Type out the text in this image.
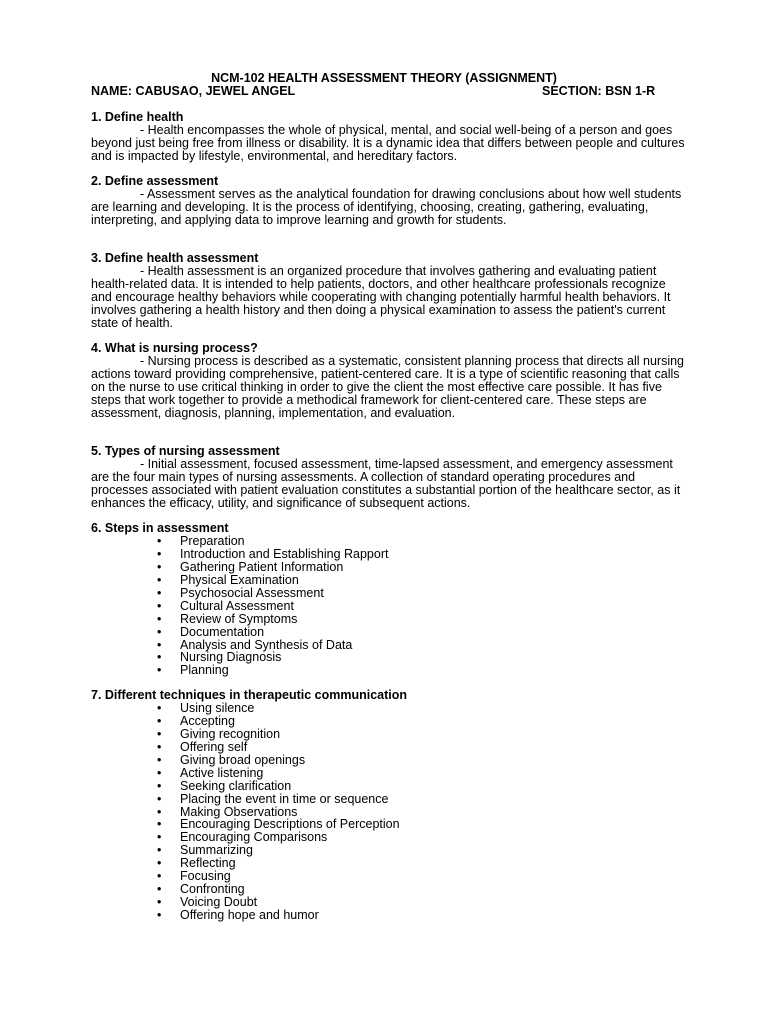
NCM-102 HEALTH ASSESSMENT THEORY (ASSIGNMENT)
NAME: CABUSAO, JEWEL ANGEL	SECTION: BSN 1-R
1. Define health

- Health encompasses the whole of physical, mental, and social well-being of a person and goes beyond just being free from illness or disability. It is a dynamic idea that differs between people and cultures and is impacted by lifestyle, environmental, and hereditary factors.

2. Define assessment

- Assessment serves as the analytical foundation for drawing conclusions about how well students are learning and developing. It is the process of identifying, choosing, creating, gathering, evaluating, interpreting, and applying data to improve learning and growth for students.

3. Define health assessment

- Health assessment is an organized procedure that involves gathering and evaluating patient health-related data. It is intended to help patients, doctors, and other healthcare professionals recognize and encourage healthy behaviors while cooperating with changing potentially harmful health behaviors. It involves gathering a health history and then doing a physical examination to assess the patient's current state of health.

4. What is nursing process?

- Nursing process is described as a systematic, consistent planning process that directs all nursing actions toward providing comprehensive, patient-centered care. It is a type of scientific reasoning that calls on the nurse to use critical thinking in order to give the client the most effective care possible. It has five steps that work together to provide a methodical framework for client-centered care. These steps are assessment, diagnosis, planning, implementation, and evaluation.

5. Types of nursing assessment

- Initial assessment, focused assessment, time-lapsed assessment, and emergency assessment are the four main types of nursing assessments. A collection of standard operating procedures and processes associated with patient evaluation constitutes a substantial portion of the healthcare sector, as it enhances the efficacy, utility, and significance of subsequent actions.

6. Steps in assessment
• Preparation
• Introduction and Establishing Rapport
• Gathering Patient Information
• Physical Examination
• Psychosocial Assessment
• Cultural Assessment
• Review of Symptoms
• Documentation
• Analysis and Synthesis of Data
• Nursing Diagnosis
• Planning
7. Different techniques in therapeutic communication
• Using silence
• Accepting
• Giving recognition
• Offering self
• Giving broad openings
• Active listening
• Seeking clarification
• Placing the event in time or sequence
• Making Observations
• Encouraging Descriptions of Perception
• Encouraging Comparisons
• Summarizing
• Reflecting
• Focusing
• Confronting
• Voicing Doubt
• Offering hope and humor
